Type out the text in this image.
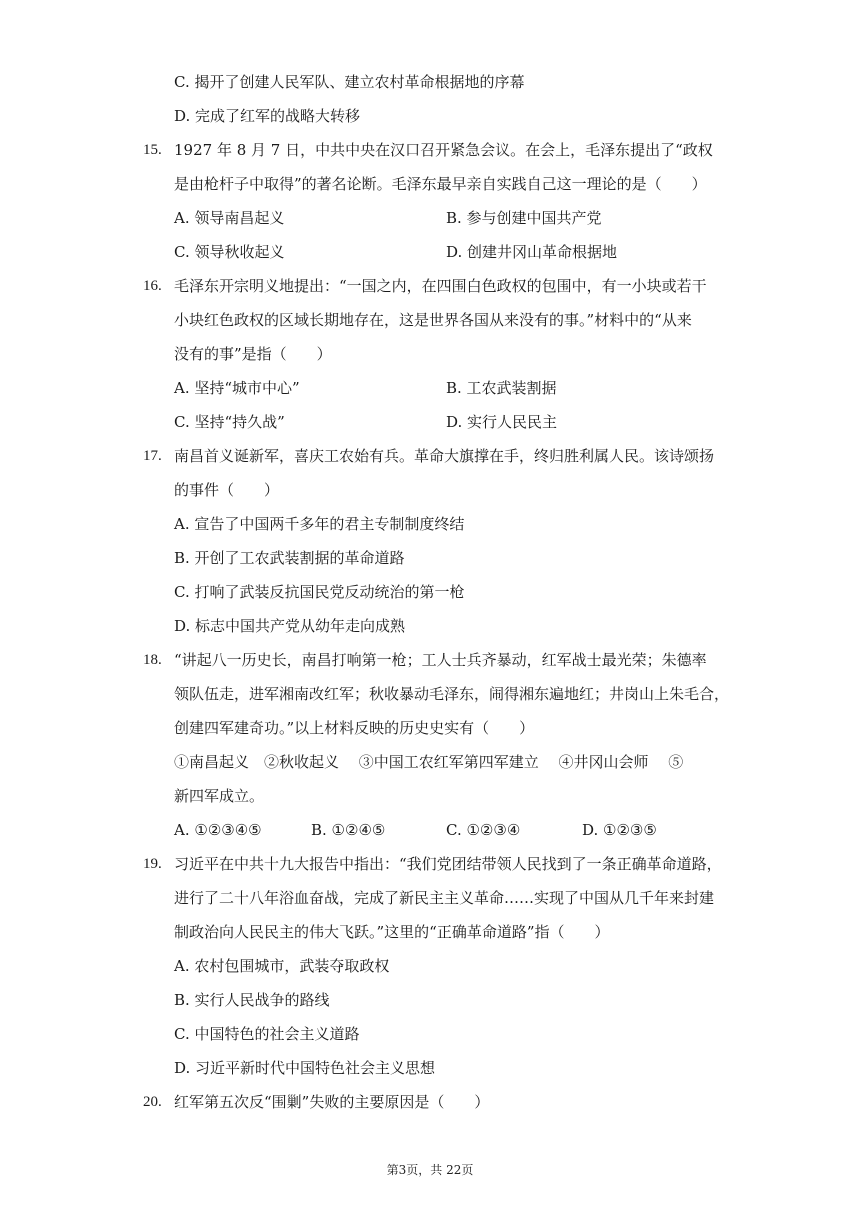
C. 揭开了创建人民军队、建立农村革命根据地的序幕
D. 完成了红军的战略大转移
15. 1927 年 8 月 7 日，中共中央在汉口召开紧急会议。在会上，毛泽东提出了“政权
是由枪杆子中取得”的著名论断。毛泽东最早亲自实践自己这一理论的是（　　）
A. 领导南昌起义	B. 参与创建中国共产党
C. 领导秋收起义	D. 创建井冈山革命根据地
16. 毛泽东开宗明义地提出：“一国之内，在四围白色政权的包围中，有一小块或若干
小块红色政权的区域长期地存在，这是世界各国从来没有的事。”材料中的“从来
没有的事”是指（　　）
A. 坚持“城市中心”	B. 工农武装割据
C. 坚持“持久战”	D. 实行人民民主
17. 南昌首义诞新军，喜庆工农始有兵。革命大旗撑在手，终归胜利属人民。该诗颂扬
的事件（　　）
A. 宣告了中国两千多年的君主专制制度终结
B. 开创了工农武装割据的革命道路
C. 打响了武装反抗国民党反动统治的第一枪
D. 标志中国共产党从幼年走向成熟
18. “讲起八一历史长，南昌打响第一枪；工人士兵齐暴动，红军战士最光荣；朱德率
领队伍走，进军湘南改红军；秋收暴动毛泽东，闹得湘东遍地红；井岗山上朱毛合，
创建四军建奇功。”以上材料反映的历史史实有（　　）
①南昌起义　②秋收起义　 ③中国工农红军第四军建立　 ④井冈山会师　 ⑤
新四军成立。
A. ①②③④⑤	B. ①②④⑤	C. ①②③④	D. ①②③⑤
19. 习近平在中共十九大报告中指出：“我们党团结带领人民找到了一条正确革命道路，
进行了二十八年浴血奋战，完成了新民主主义革命……实现了中国从几千年来封建
制政治向人民民主的伟大飞跃。”这里的“正确革命道路”指（　　）
A. 农村包围城市，武装夺取政权
B. 实行人民战争的路线
C. 中国特色的社会主义道路
D. 习近平新时代中国特色社会主义思想
20. 红军第五次反“围剿”失败的主要原因是（　　）
第3页，共 22页
